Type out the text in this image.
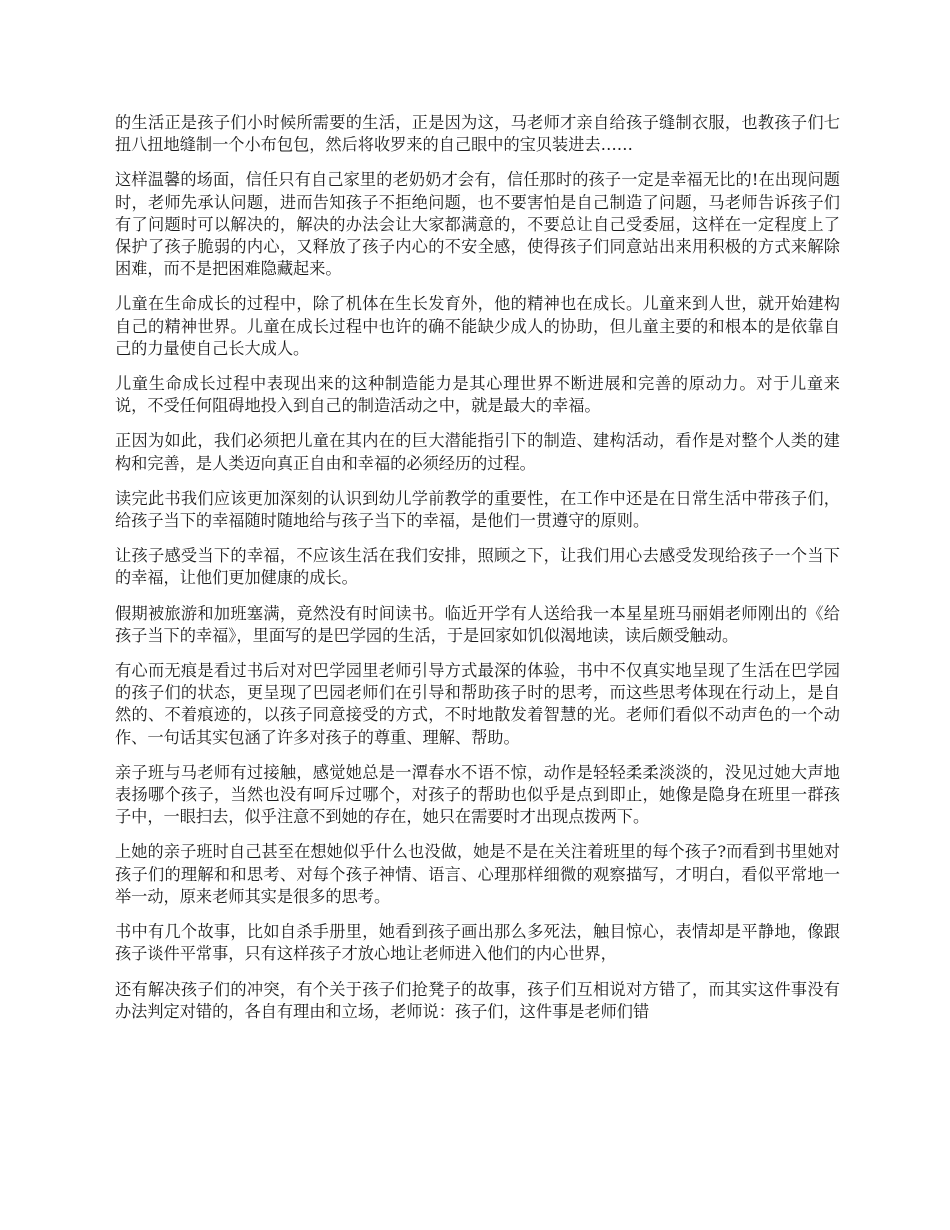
的生活正是孩子们小时候所需要的生活，正是因为这，马老师才亲自给孩子缝制衣服，也教孩子们七扭八扭地缝制一个小布包包，然后将收罗来的自己眼中的宝贝装进去……

这样温馨的场面，信任只有自己家里的老奶奶才会有，信任那时的孩子一定是幸福无比的!在出现问题时，老师先承认问题，进而告知孩子不拒绝问题，也不要害怕是自己制造了问题，马老师告诉孩子们有了问题时可以解决的，解决的办法会让大家都满意的，不要总让自己受委屈，这样在一定程度上了保护了孩子脆弱的内心，又释放了孩子内心的不安全感，使得孩子们同意站出来用积极的方式来解除困难，而不是把困难隐藏起来。

儿童在生命成长的过程中，除了机体在生长发育外，他的精神也在成长。儿童来到人世，就开始建构自己的精神世界。儿童在成长过程中也许的确不能缺少成人的协助，但儿童主要的和根本的是依靠自己的力量使自己长大成人。

儿童生命成长过程中表现出来的这种制造能力是其心理世界不断进展和完善的原动力。对于儿童来说，不受任何阻碍地投入到自己的制造活动之中，就是最大的幸福。

正因为如此，我们必须把儿童在其内在的巨大潜能指引下的制造、建构活动，看作是对整个人类的建构和完善，是人类迈向真正自由和幸福的必须经历的过程。

读完此书我们应该更加深刻的认识到幼儿学前教学的重要性，在工作中还是在日常生活中带孩子们，给孩子当下的幸福随时随地给与孩子当下的幸福，是他们一贯遵守的原则。

让孩子感受当下的幸福，不应该生活在我们安排，照顾之下，让我们用心去感受发现给孩子一个当下的幸福，让他们更加健康的成长。

假期被旅游和加班塞满，竟然没有时间读书。临近开学有人送给我一本星星班马丽娟老师刚出的《给孩子当下的幸福》，里面写的是巴学园的生活，于是回家如饥似渴地读，读后颇受触动。

有心而无痕是看过书后对对巴学园里老师引导方式最深的体验，书中不仅真实地呈现了生活在巴学园的孩子们的状态，更呈现了巴园老师们在引导和帮助孩子时的思考，而这些思考体现在行动上，是自然的、不着痕迹的，以孩子同意接受的方式，不时地散发着智慧的光。老师们看似不动声色的一个动作、一句话其实包涵了许多对孩子的尊重、理解、帮助。

亲子班与马老师有过接触，感觉她总是一潭春水不语不惊，动作是轻轻柔柔淡淡的，没见过她大声地表扬哪个孩子，当然也没有呵斥过哪个，对孩子的帮助也似乎是点到即止，她像是隐身在班里一群孩子中，一眼扫去，似乎注意不到她的存在，她只在需要时才出现点拨两下。

上她的亲子班时自己甚至在想她似乎什么也没做，她是不是在关注着班里的每个孩子?而看到书里她对孩子们的理解和和思考、对每个孩子神情、语言、心理那样细微的观察描写，才明白，看似平常地一举一动，原来老师其实是很多的思考。

书中有几个故事，比如自杀手册里，她看到孩子画出那么多死法，触目惊心，表情却是平静地，像跟孩子谈件平常事，只有这样孩子才放心地让老师进入他们的内心世界，

还有解决孩子们的冲突，有个关于孩子们抢凳子的故事，孩子们互相说对方错了，而其实这件事没有办法判定对错的，各自有理由和立场，老师说：孩子们，这件事是老师们错
